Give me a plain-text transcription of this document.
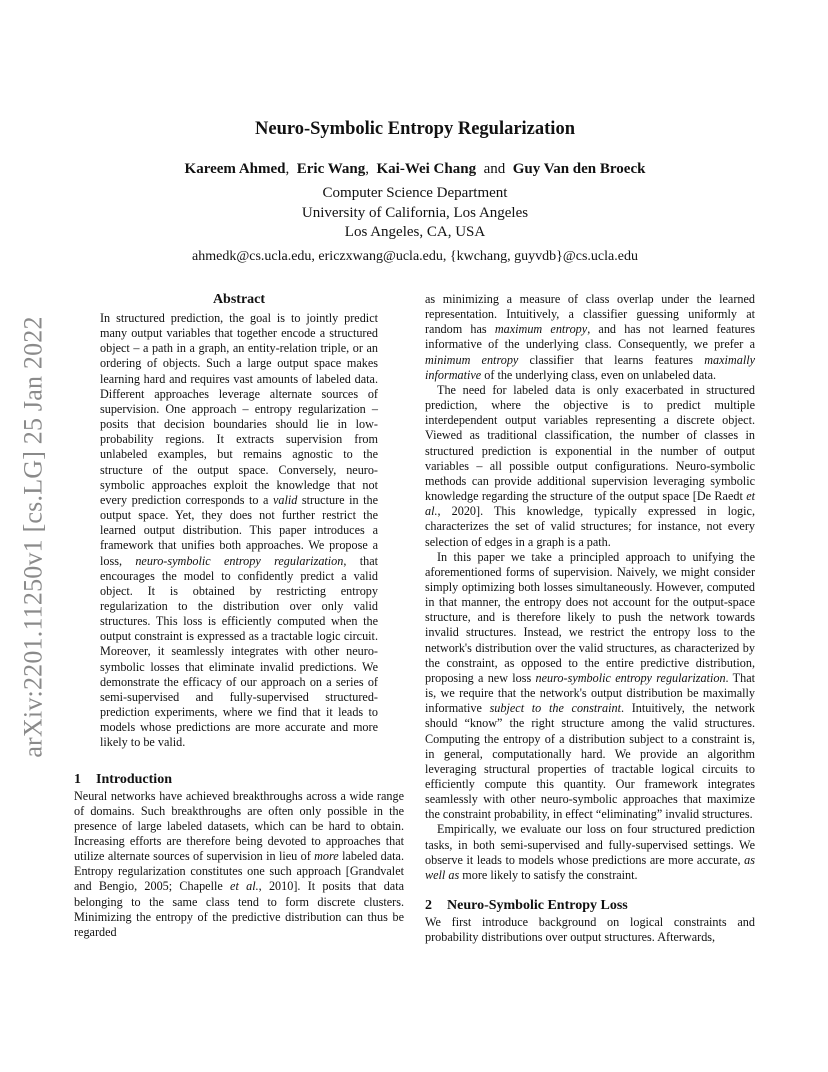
arXiv:2201.11250v1 [cs.LG] 25 Jan 2022
Neuro-Symbolic Entropy Regularization
Kareem Ahmed, Eric Wang, Kai-Wei Chang and Guy Van den Broeck
Computer Science Department
University of California, Los Angeles
Los Angeles, CA, USA
ahmedk@cs.ucla.edu, ericzxwang@ucla.edu, {kwchang, guyvdb}@cs.ucla.edu
Abstract

In structured prediction, the goal is to jointly predict many output variables that together encode a structured object – a path in a graph, an entity-relation triple, or an ordering of objects. Such a large output space makes learning hard and requires vast amounts of labeled data. Different approaches leverage alternate sources of supervision. One approach – entropy regularization – posits that decision boundaries should lie in low-probability regions. It extracts supervision from unlabeled examples, but remains agnostic to the structure of the output space. Conversely, neuro-symbolic approaches exploit the knowledge that not every prediction corresponds to a valid structure in the output space. Yet, they does not further restrict the learned output distribution. This paper introduces a framework that unifies both approaches. We propose a loss, neuro-symbolic entropy regularization, that encourages the model to confidently predict a valid object. It is obtained by restricting entropy regularization to the distribution over only valid structures. This loss is efficiently computed when the output constraint is expressed as a tractable logic circuit. Moreover, it seamlessly integrates with other neuro-symbolic losses that eliminate invalid predictions. We demonstrate the efficacy of our approach on a series of semi-supervised and fully-supervised structured-prediction experiments, where we find that it leads to models whose predictions are more accurate and more likely to be valid.

1 Introduction

Neural networks have achieved breakthroughs across a wide range of domains. Such breakthroughs are often only possible in the presence of large labeled datasets, which can be hard to obtain. Increasing efforts are therefore being devoted to approaches that utilize alternate sources of supervision in lieu of more labeled data. Entropy regularization constitutes one such approach [Grandvalet and Bengio, 2005; Chapelle et al., 2010]. It posits that data belonging to the same class tend to form discrete clusters. Minimizing the entropy of the predictive distribution can thus be regarded

as minimizing a measure of class overlap under the learned representation. Intuitively, a classifier guessing uniformly at random has maximum entropy, and has not learned features informative of the underlying class. Consequently, we prefer a minimum entropy classifier that learns features maximally informative of the underlying class, even on unlabeled data.

The need for labeled data is only exacerbated in structured prediction, where the objective is to predict multiple interdependent output variables representing a discrete object. Viewed as traditional classification, the number of classes in structured prediction is exponential in the number of output variables – all possible output configurations. Neuro-symbolic methods can provide additional supervision leveraging symbolic knowledge regarding the structure of the output space [De Raedt et al., 2020]. This knowledge, typically expressed in logic, characterizes the set of valid structures; for instance, not every selection of edges in a graph is a path.

In this paper we take a principled approach to unifying the aforementioned forms of supervision. Naively, we might consider simply optimizing both losses simultaneously. However, computed in that manner, the entropy does not account for the output-space structure, and is therefore likely to push the network towards invalid structures. Instead, we restrict the entropy loss to the network's distribution over the valid structures, as characterized by the constraint, as opposed to the entire predictive distribution, proposing a new loss neuro-symbolic entropy regularization. That is, we require that the network's output distribution be maximally informative subject to the constraint. Intuitively, the network should “know” the right structure among the valid structures. Computing the entropy of a distribution subject to a constraint is, in general, computationally hard. We provide an algorithm leveraging structural properties of tractable logical circuits to efficiently compute this quantity. Our framework integrates seamlessly with other neuro-symbolic approaches that maximize the constraint probability, in effect “eliminating” invalid structures.

Empirically, we evaluate our loss on four structured prediction tasks, in both semi-supervised and fully-supervised settings. We observe it leads to models whose predictions are more accurate, as well as more likely to satisfy the constraint.

2 Neuro-Symbolic Entropy Loss

We first introduce background on logical constraints and probability distributions over output structures. Afterwards,
